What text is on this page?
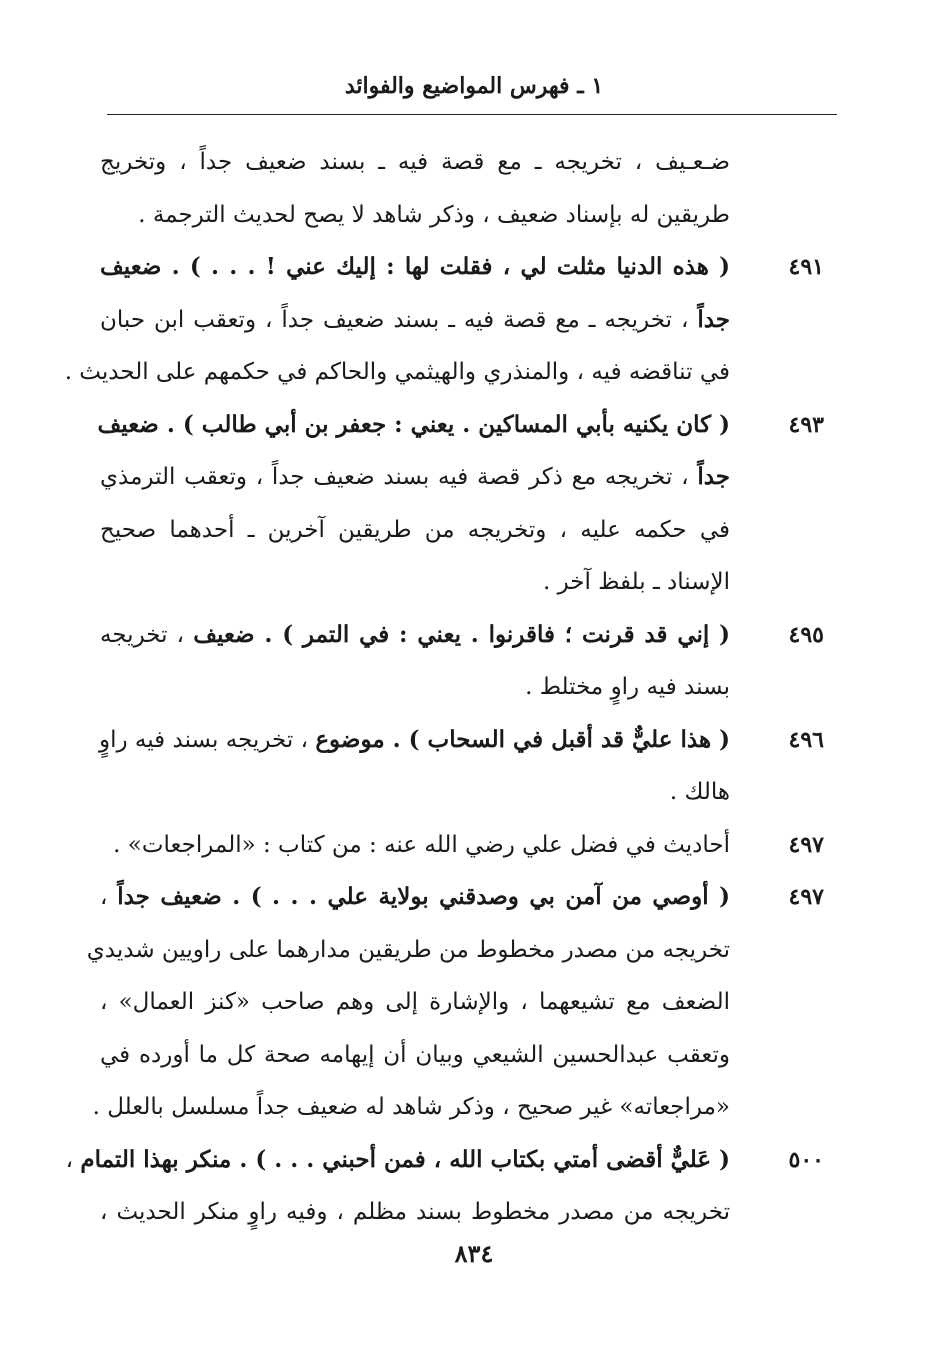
١ ـ فهرس المواضيع والفوائد
ضـعـيف ، تخريجه ـ مع قصة فيه ـ بسند ضعيف جداً ، وتخريج
طريقين له بإسناد ضعيف ، وذكر شاهد لا يصح لحديث الترجمة .
٤٩١
( هذه الدنيا مثلت لي ، فقلت لها : إليك عني ! . . . ) . ضعيف
جداً ، تخريجه ـ مع قصة فيه ـ بسند ضعيف جداً ، وتعقب ابن حبان
في تناقضه فيه ، والمنذري والهيثمي والحاكم في حكمهم على الحديث .
٤٩٣
( كان يكنيه بأبي المساكين . يعني : جعفر بن أبي طالب ) . ضعيف
جداً ، تخريجه مع ذكر قصة فيه بسند ضعيف جداً ، وتعقب الترمذي
في حكمه عليه ، وتخريجه من طريقين آخرين ـ أحدهما صحيح
الإسناد ـ بلفظ آخر .
٤٩٥
( إني قد قرنت ؛ فاقرنوا . يعني : في التمر ) . ضعيف ، تخريجه
بسند فيه راوٍ مختلط .
٤٩٦
( هذا عليٌّ قد أقبل في السحاب ) . موضوع ، تخريجه بسند فيه راوٍ
هالك .
٤٩٧
أحاديث في فضل علي رضي الله عنه : من كتاب : «المراجعات» .
٤٩٧
( أوصي من آمن بي وصدقني بولاية علي . . . ) . ضعيف جداً ،
تخريجه من مصدر مخطوط من طريقين مدارهما على راويين شديدي
الضعف مع تشيعهما ، والإشارة إلى وهم صاحب «كنز العمال» ،
وتعقب عبدالحسين الشيعي وبيان أن إيهامه صحة كل ما أورده في
«مراجعاته» غير صحيح ، وذكر شاهد له ضعيف جداً مسلسل بالعلل .
٥٠٠
( عَليٌّ أقضى أمتي بكتاب الله ، فمن أحبني . . . ) . منكر بهذا التمام ،
تخريجه من مصدر مخطوط بسند مظلم ، وفيه راوٍ منكر الحديث ،
٨٣٤
